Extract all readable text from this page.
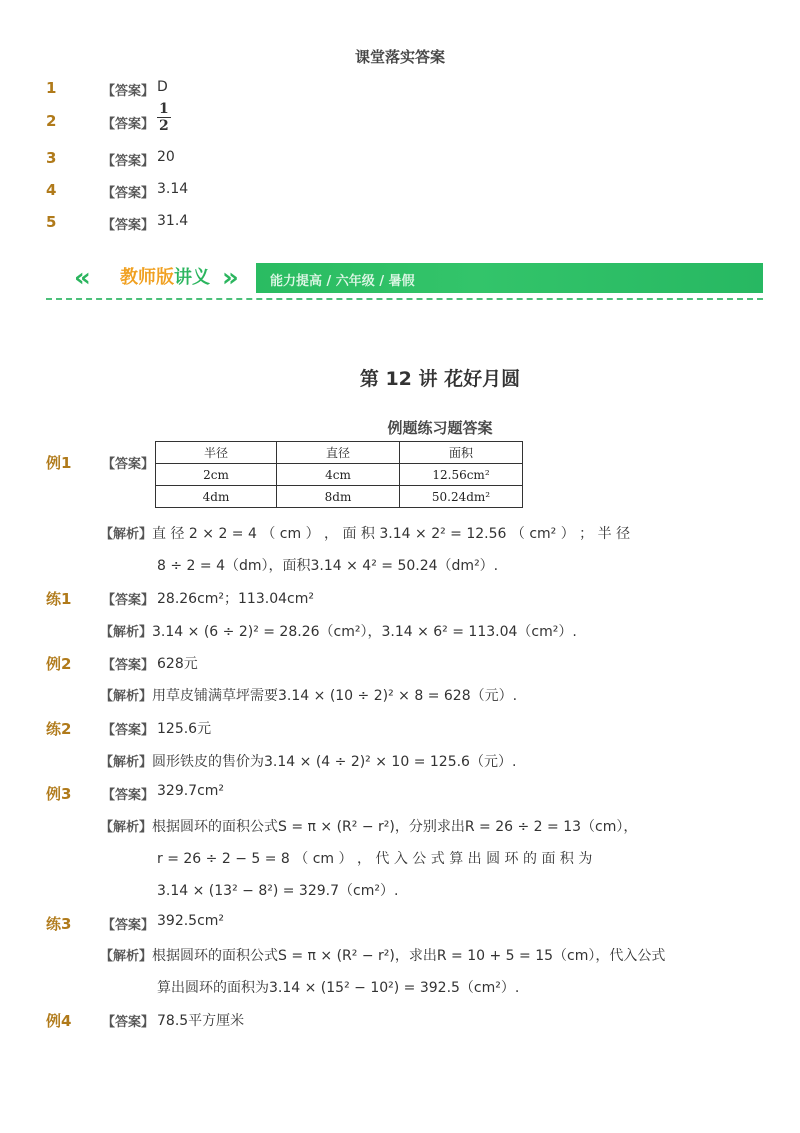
课堂落实答案
1	【答案】 D
2	【答案】 $\frac{1}{2}$
3	【答案】 20
4	【答案】 3.14
5	【答案】 31.4
« 教师版讲义 » 能力提高 / 六年级 / 暑假
第 12 讲 花好月圆
例题练习题答案
例1 【答案】
半径	直径	面积
2cm	4cm	12.56cm²
4dm	8dm	50.24dm²
【解析】直 径 2 × 2 = 4 （ cm ） ， 面 积 3.14 × 2² = 12.56 （ cm² ） ； 半 径
8 ÷ 2 = 4（dm），面积3.14 × 4² = 50.24（dm²）.
练1 【答案】 28.26cm²；113.04cm²
【解析】3.14 × (6 ÷ 2)² = 28.26（cm²），3.14 × 6² = 113.04（cm²）.
例2 【答案】 628元
【解析】用草皮铺满草坪需要3.14 × (10 ÷ 2)² × 8 = 628（元）.
练2 【答案】 125.6元
【解析】圆形铁皮的售价为3.14 × (4 ÷ 2)² × 10 = 125.6（元）.
例3 【答案】 329.7cm²
【解析】根据圆环的面积公式S = π × (R² − r²)，分别求出R = 26 ÷ 2 = 13（cm），
r = 26 ÷ 2 − 5 = 8 （ cm ） ， 代 入 公 式 算 出 圆 环 的 面 积 为
3.14 × (13² − 8²) = 329.7（cm²）.
练3 【答案】 392.5cm²
【解析】根据圆环的面积公式S = π × (R² − r²)，求出R = 10 + 5 = 15（cm），代入公式
算出圆环的面积为3.14 × (15² − 10²) = 392.5（cm²）.
例4 【答案】 78.5平方厘米
